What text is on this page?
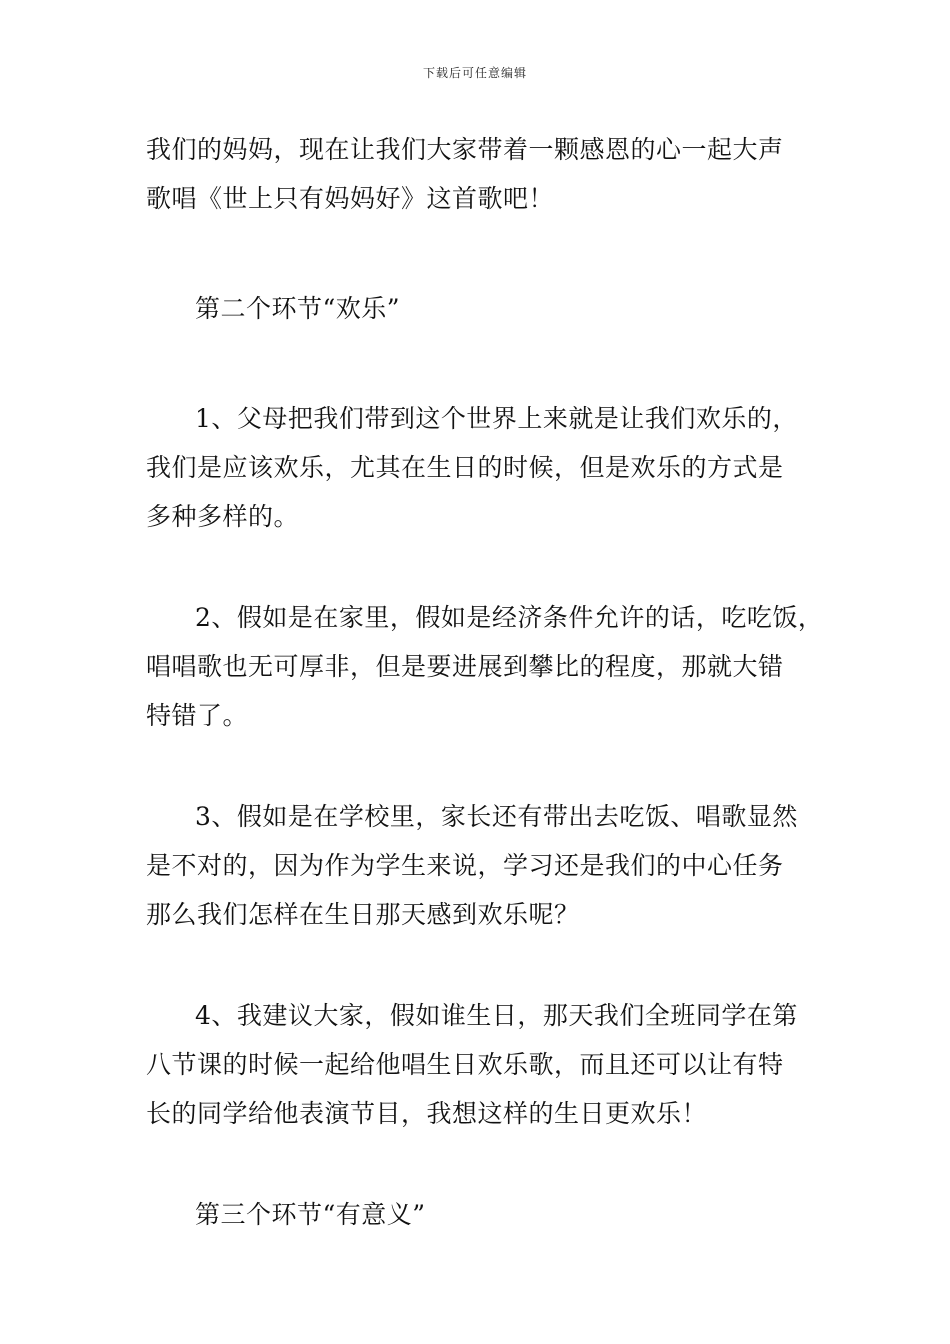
下载后可任意编辑
我们的妈妈，现在让我们大家带着一颗感恩的心一起大声
歌唱《世上只有妈妈好》这首歌吧！
第二个环节“欢乐”
1、父母把我们带到这个世界上来就是让我们欢乐的，
我们是应该欢乐，尤其在生日的时候，但是欢乐的方式是
多种多样的。
2、假如是在家里，假如是经济条件允许的话，吃吃饭，
唱唱歌也无可厚非，但是要进展到攀比的程度，那就大错
特错了。
3、假如是在学校里，家长还有带出去吃饭、唱歌显然
是不对的，因为作为学生来说，学习还是我们的中心任务
那么我们怎样在生日那天感到欢乐呢？
4、我建议大家，假如谁生日，那天我们全班同学在第
八节课的时候一起给他唱生日欢乐歌，而且还可以让有特
长的同学给他表演节目，我想这样的生日更欢乐！
第三个环节“有意义”
